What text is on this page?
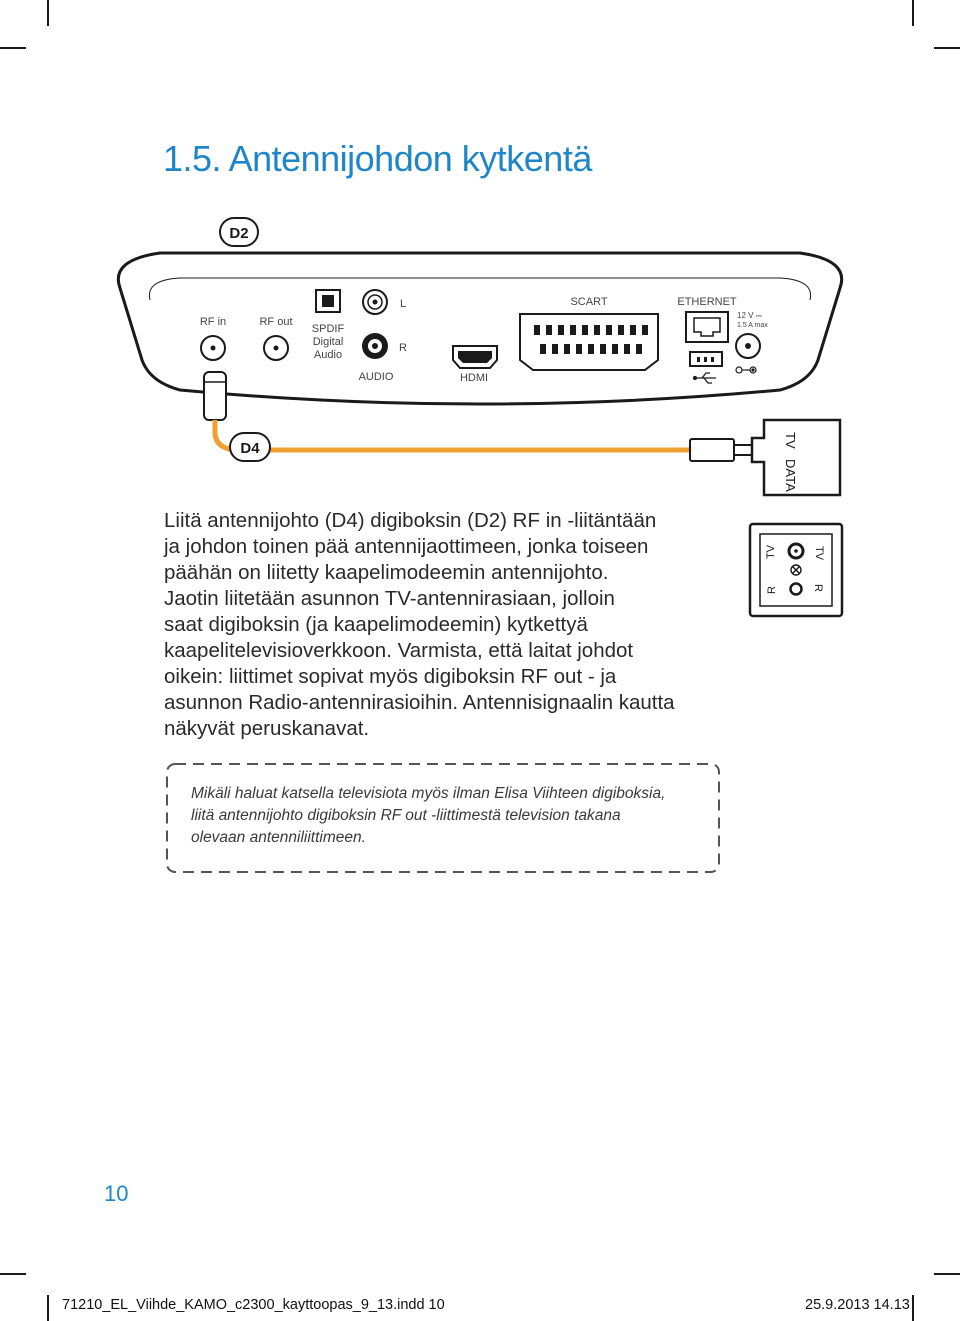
1.5. Antennijohdon kytkentä
D2
RF in	RF out
SPDIF
Digital
Audio
L
R
AUDIO	HDMI
SCART	ETHERNET
12 V ⎓
1.5 A max
D4	TV
DATA
Liitä antennijohto (D4) digiboksin (D2) RF in -liitäntään
ja johdon toinen pää antennijaottimeen, jonka toiseen
päähän on liitetty kaapelimodeemin antennijohto.
Jaotin liitetään asunnon TV-antennirasiaan, jolloin
saat digiboksin (ja kaapelimodeemin) kytkettyä
kaapelitelevisioverkkoon. Varmista, että laitat johdot
oikein: liittimet sopivat myös digiboksin RF out - ja
asunnon Radio-antennirasioihin. Antennisignaalin kautta
näkyvät peruskanavat.
TV
TV
R
R
Mikäli haluat katsella televisiota myös ilman Elisa Viihteen digiboksia,
liitä antennijohto digiboksin RF out -liittimestä television takana
olevaan antenniliittimeen.
10
71210_EL_Viihde_KAMO_c2300_kayttoopas_9_13.indd 10	25.9.2013 14.13
